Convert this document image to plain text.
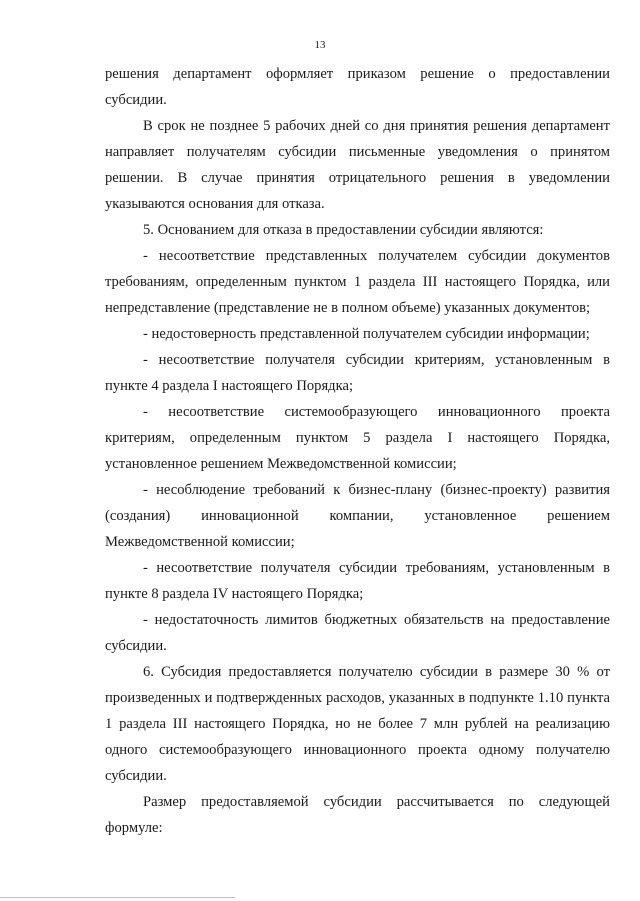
13

решения департамент оформляет приказом решение о предоставлении субсидии.

В срок не позднее 5 рабочих дней со дня принятия решения департамент направляет получателям субсидии письменные уведомления о принятом решении. В случае принятия отрицательного решения в уведомлении указываются основания для отказа.

5. Основанием для отказа в предоставлении субсидии являются:

- несоответствие представленных получателем субсидии документов требованиям, определенным пунктом 1 раздела III настоящего Порядка, или непредставление (представление не в полном объеме) указанных документов;

- недостоверность представленной получателем субсидии информации;

- несоответствие получателя субсидии критериям, установленным в пункте 4 раздела I настоящего Порядка;

- несоответствие системообразующего инновационного проекта критериям, определенным пунктом 5 раздела I настоящего Порядка, установленное решением Межведомственной комиссии;

- несоблюдение требований к бизнес-плану (бизнес-проекту) развития (создания) инновационной компании, установленное решением Межведомственной комиссии;

- несоответствие получателя субсидии требованиям, установленным в пункте 8 раздела IV настоящего Порядка;

- недостаточность лимитов бюджетных обязательств на предоставление субсидии.

6. Субсидия предоставляется получателю субсидии в размере 30 % от произведенных и подтвержденных расходов, указанных в подпункте 1.10 пункта 1 раздела III настоящего Порядка, но не более 7 млн рублей на реализацию одного системообразующего инновационного проекта одному получателю субсидии.

Размер предоставляемой субсидии рассчитывается по следующей формуле:
